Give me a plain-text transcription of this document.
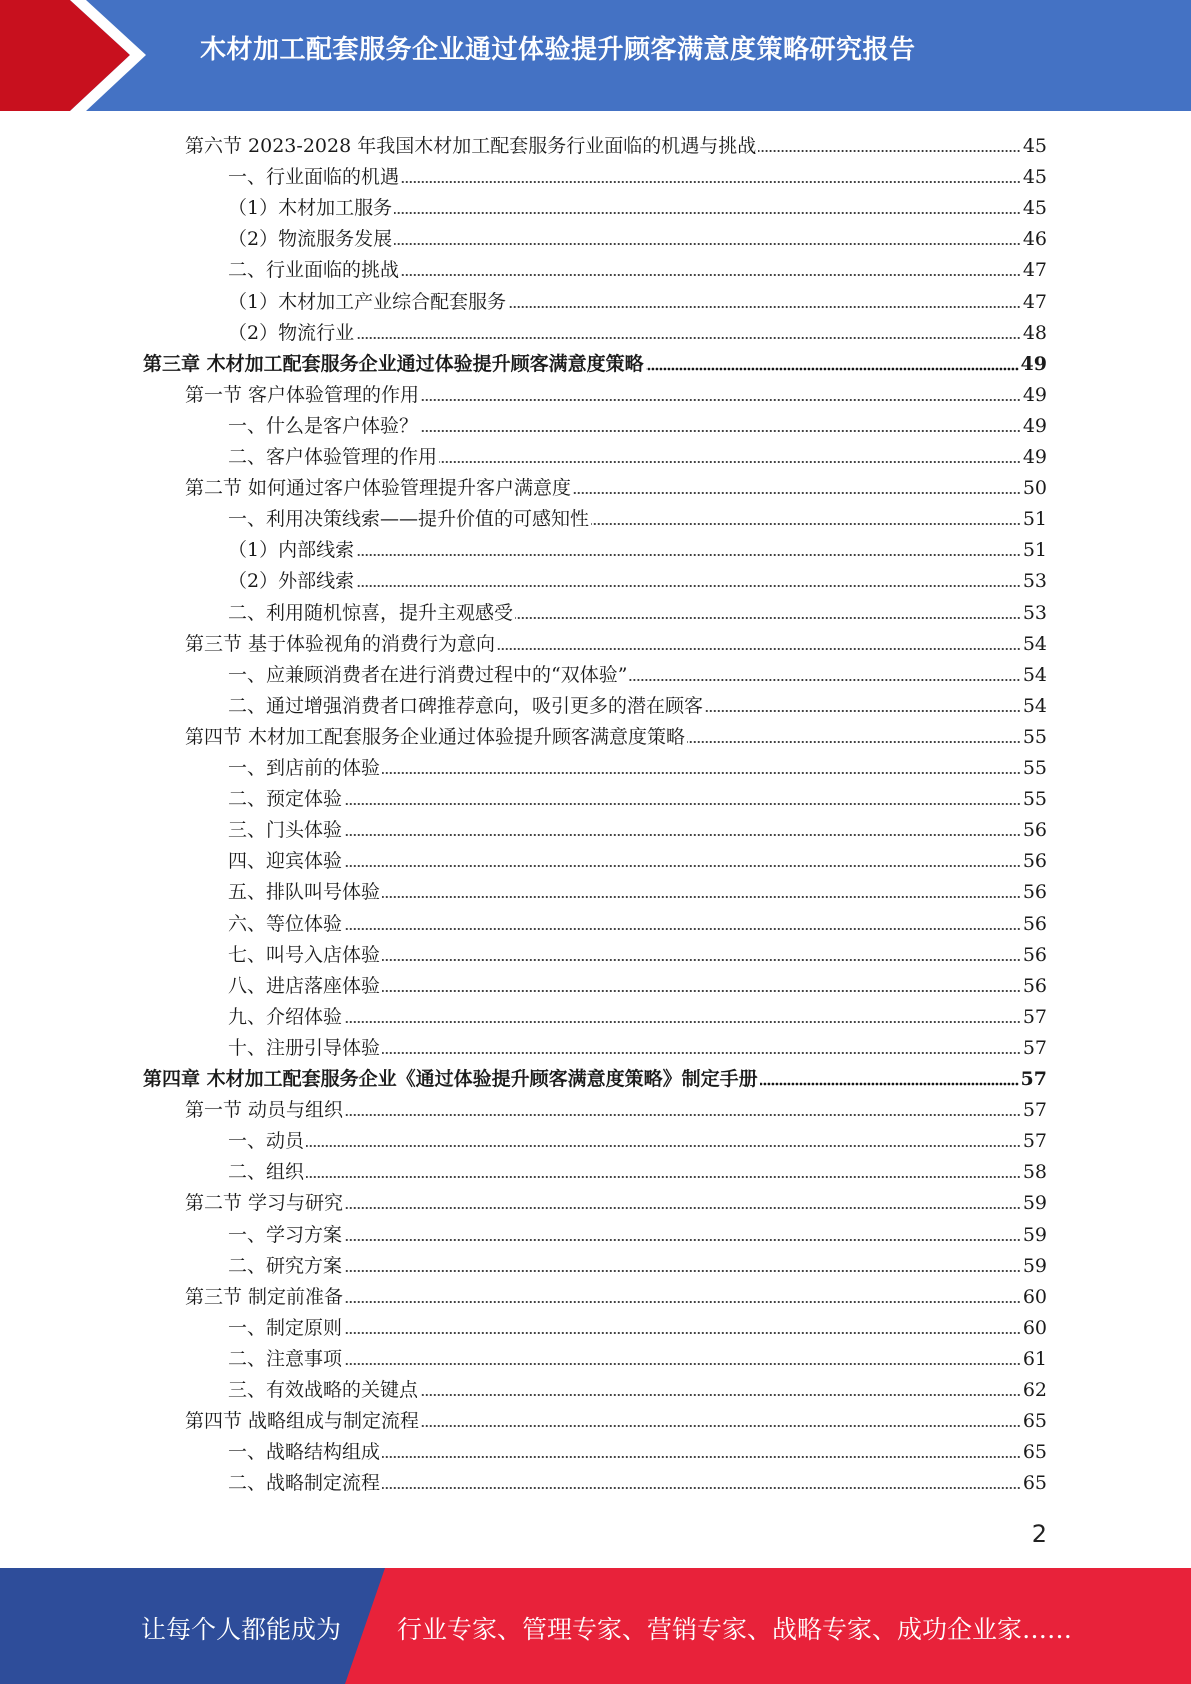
木材加工配套服务企业通过体验提升顾客满意度策略研究报告
第六节 2023-2028 年我国木材加工配套服务行业面临的机遇与挑战	45
一、行业面临的机遇	45
（1）木材加工服务	45
（2）物流服务发展	46
二、行业面临的挑战	47
（1）木材加工产业综合配套服务	47
（2）物流行业	48
第三章 木材加工配套服务企业通过体验提升顾客满意度策略	49
第一节 客户体验管理的作用	49
一、什么是客户体验？	49
二、客户体验管理的作用	49
第二节 如何通过客户体验管理提升客户满意度	50
一、利用决策线索——提升价值的可感知性	51
（1）内部线索	51
（2）外部线索	53
二、利用随机惊喜，提升主观感受	53
第三节 基于体验视角的消费行为意向	54
一、应兼顾消费者在进行消费过程中的“双体验”	54
二、通过增强消费者口碑推荐意向，吸引更多的潜在顾客	54
第四节 木材加工配套服务企业通过体验提升顾客满意度策略	55
一、到店前的体验	55
二、预定体验	55
三、门头体验	56
四、迎宾体验	56
五、排队叫号体验	56
六、等位体验	56
七、叫号入店体验	56
八、进店落座体验	56
九、介绍体验	57
十、注册引导体验	57
第四章 木材加工配套服务企业《通过体验提升顾客满意度策略》制定手册	57
第一节 动员与组织	57
一、动员	57
二、组织	58
第二节 学习与研究	59
一、学习方案	59
二、研究方案	59
第三节 制定前准备	60
一、制定原则	60
二、注意事项	61
三、有效战略的关键点	62
第四节 战略组成与制定流程	65
一、战略结构组成	65
二、战略制定流程	65
2
让每个人都能成为 行业专家、管理专家、营销专家、战略专家、成功企业家……
